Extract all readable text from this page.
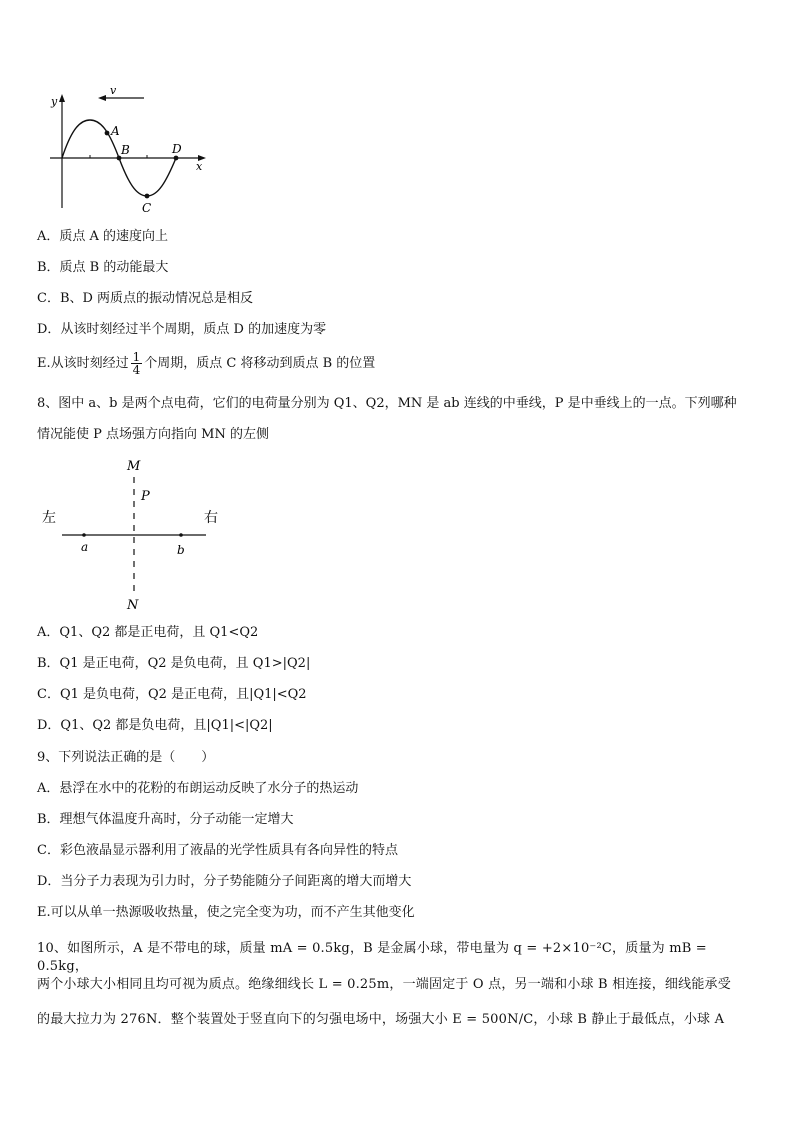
y
x
v
A
B
C
D
A．质点 A 的速度向上
B．质点 B 的动能最大
C．B、D 两质点的振动情况总是相反
D．从该时刻经过半个周期，质点 D 的加速度为零
E.从该时刻经过 $\frac{1}{4}$ 个周期，质点 C 将移动到质点 B 的位置
8、图中 a、b 是两个点电荷，它们的电荷量分别为 Q1、Q2，MN 是 ab 连线的中垂线，P 是中垂线上的一点。下列哪种
情况能使 P 点场强方向指向 MN 的左侧
M
N
P
左	右
a	b
A．Q1、Q2 都是正电荷，且 Q1<Q2
B．Q1 是正电荷，Q2 是负电荷，且 Q1>|Q2|
C．Q1 是负电荷，Q2 是正电荷，且|Q1|<Q2
D．Q1、Q2 都是负电荷，且|Q1|<|Q2|
9、下列说法正确的是（　　）
A．悬浮在水中的花粉的布朗运动反映了水分子的热运动
B．理想气体温度升高时，分子动能一定增大
C．彩色液晶显示器利用了液晶的光学性质具有各向异性的特点
D．当分子力表现为引力时，分子势能随分子间距离的增大而增大
E.可以从单一热源吸收热量，使之完全变为功，而不产生其他变化
10、如图所示，A 是不带电的球，质量 mA = 0.5kg，B 是金属小球，带电量为 q = +2×10⁻²C，质量为 mB = 0.5kg，
两个小球大小相同且均可视为质点。绝缘细线长 L = 0.25m，一端固定于 O 点，另一端和小球 B 相连接，细线能承受
的最大拉力为 276N．整个装置处于竖直向下的匀强电场中，场强大小 E = 500N/C，小球 B 静止于最低点，小球 A
